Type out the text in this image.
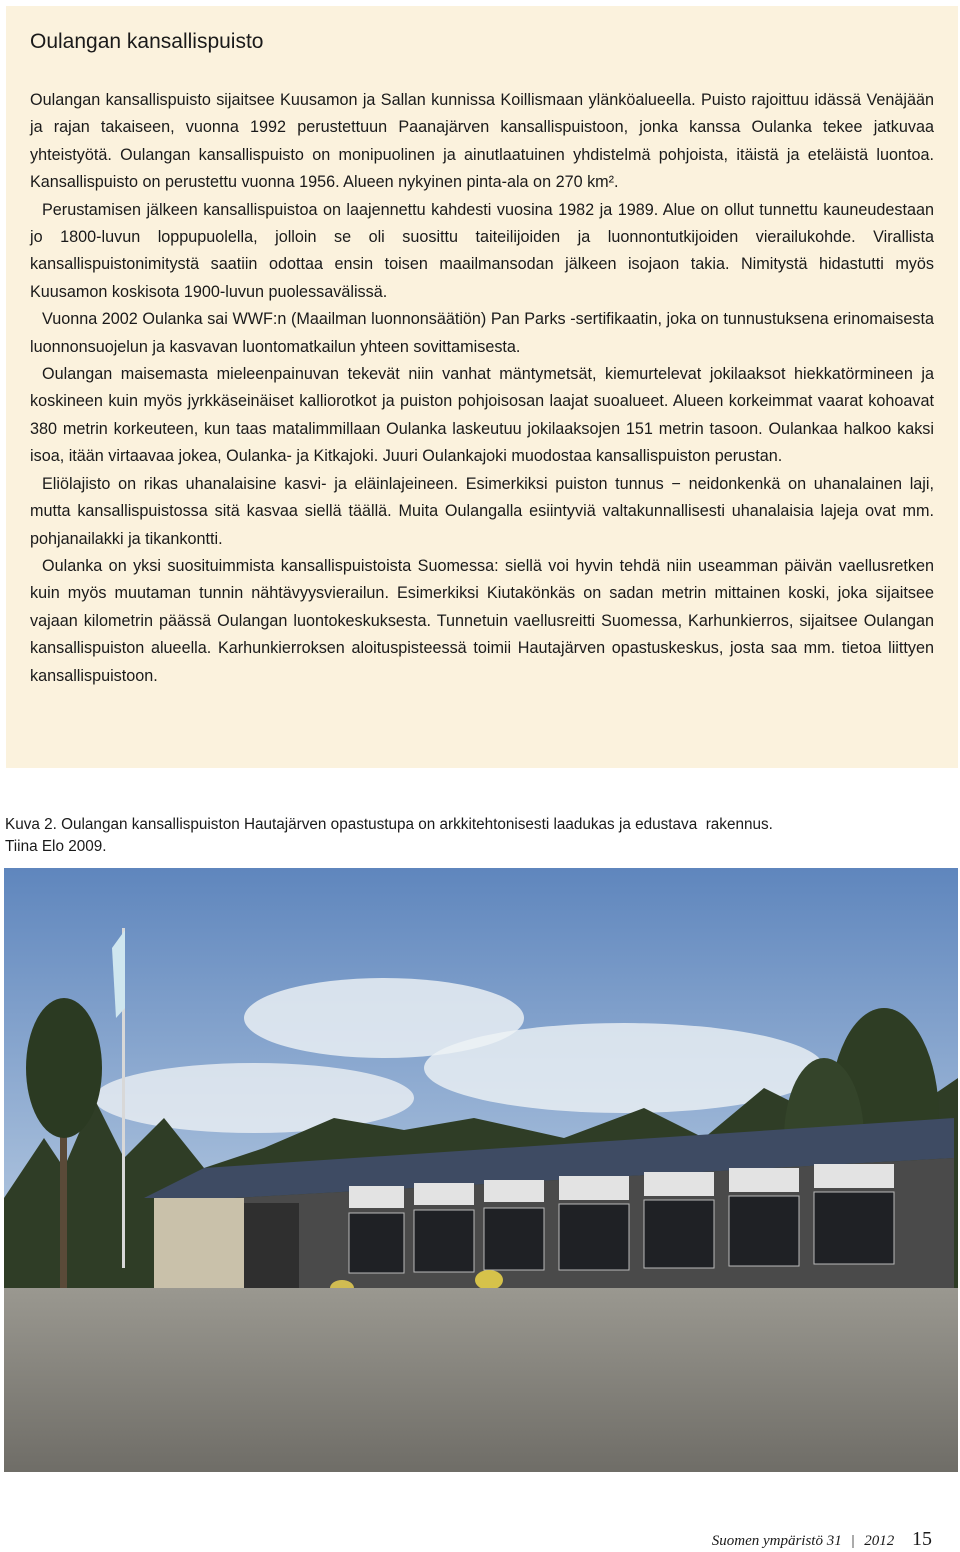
Oulangan kansallispuisto

Oulangan kansallispuisto sijaitsee Kuusamon ja Sallan kunnissa Koillismaan ylänköalueella. Puisto rajoittuu idässä Venäjään ja rajan takaiseen, vuonna 1992 perustettuun Paanajärven kansallispuistoon, jonka kanssa Oulanka tekee jatkuvaa yhteistyötä. Oulangan kansallispuisto on monipuolinen ja ainutlaatuinen yhdistelmä pohjoista, itäistä ja eteläistä luontoa. Kansallispuisto on perustettu vuonna 1956. Alueen nykyinen pinta-ala on 270 km².

Perustamisen jälkeen kansallispuistoa on laajennettu kahdesti vuosina 1982 ja 1989. Alue on ollut tunnettu kauneudestaan jo 1800-luvun loppupuolella, jolloin se oli suosittu taiteilijoiden ja luonnontutkijoiden vierailukohde. Virallista kansallispuistonimitystä saatiin odottaa ensin toisen maailmansodan jälkeen isojaon takia. Nimitystä hidastutti myös Kuusamon koskisota 1900-luvun puolessavälissä.

Vuonna 2002 Oulanka sai WWF:n (Maailman luonnonsäätiön) Pan Parks -sertifikaatin, joka on tunnustuksena erinomaisesta luonnonsuojelun ja kasvavan luontomatkailun yhteen sovittamisesta.

Oulangan maisemasta mieleenpainuvan tekevät niin vanhat mäntymetsät, kiemurtelevat jokilaaksot hiekkatörmineen ja koskineen kuin myös jyrkkäseinäiset kalliorotkot ja puiston pohjoisosan laajat suoalueet. Alueen korkeimmat vaarat kohoavat 380 metrin korkeuteen, kun taas matalimmillaan Oulanka laskeutuu jokilaaksojen 151 metrin tasoon. Oulankaa halkoo kaksi isoa, itään virtaavaa jokea, Oulanka- ja Kitkajoki. Juuri Oulankajoki muodostaa kansallispuiston perustan.

Eliölajisto on rikas uhanalaisine kasvi- ja eläinlajeineen. Esimerkiksi puiston tunnus − neidonkenkä on uhanalainen laji, mutta kansallispuistossa sitä kasvaa siellä täällä. Muita Oulangalla esiintyviä valtakunnallisesti uhanalaisia lajeja ovat mm. pohjanailakki ja tikankontti.

Oulanka on yksi suosituimmista kansallispuistoista Suomessa: siellä voi hyvin tehdä niin useamman päivän vaellusretken kuin myös muutaman tunnin nähtävyysvierailun. Esimerkiksi Kiutakönkäs on sadan metrin mittainen koski, joka sijaitsee vajaan kilometrin päässä Oulangan luontokeskuksesta. Tunnetuin vaellusreitti Suomessa, Karhunkierros, sijaitsee Oulangan kansallispuiston alueella. Karhunkierroksen aloituspisteessä toimii Hautajärven opastuskeskus, josta saa mm. tietoa liittyen kansallispuistoon.

Kuva 2. Oulangan kansallispuiston Hautajärven opastustupa on arkkitehtonisesti laadukas ja edustava  rakennus.
Tiina Elo 2009.
Suomen ympäristö 31 | 2012 15
